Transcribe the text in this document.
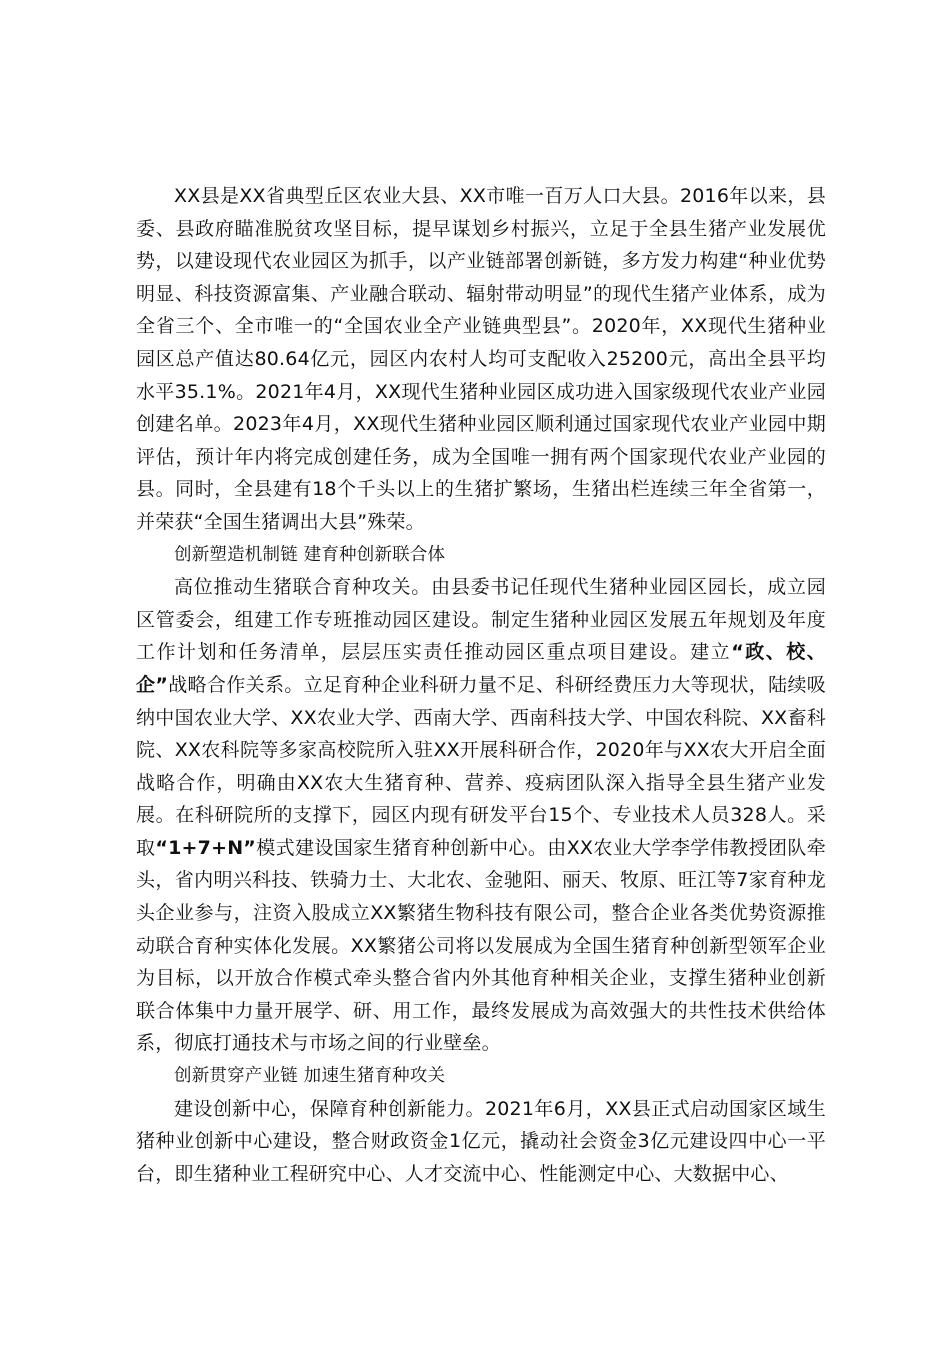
XX县是XX省典型丘区农业大县、XX市唯一百万人口大县。2016年以来，县委、县政府瞄准脱贫攻坚目标，提早谋划乡村振兴，立足于全县生猪产业发展优势，以建设现代农业园区为抓手，以产业链部署创新链，多方发力构建“种业优势明显、科技资源富集、产业融合联动、辐射带动明显”的现代生猪产业体系，成为全省三个、全市唯一的“全国农业全产业链典型县”。2020年，XX现代生猪种业园区总产值达80.64亿元，园区内农村人均可支配收入25200元，高出全县平均水平35.1%。2021年4月，XX现代生猪种业园区成功进入国家级现代农业产业园创建名单。2023年4月，XX现代生猪种业园区顺利通过国家现代农业产业园中期评估，预计年内将完成创建任务，成为全国唯一拥有两个国家现代农业产业园的县。同时，全县建有18个千头以上的生猪扩繁场，生猪出栏连续三年全省第一，并荣获“全国生猪调出大县”殊荣。

创新塑造机制链 建育种创新联合体

高位推动生猪联合育种攻关。由县委书记任现代生猪种业园区园长，成立园区管委会，组建工作专班推动园区建设。制定生猪种业园区发展五年规划及年度工作计划和任务清单，层层压实责任推动园区重点项目建设。建立“政、校、企”战略合作关系。立足育种企业科研力量不足、科研经费压力大等现状，陆续吸纳中国农业大学、XX农业大学、西南大学、西南科技大学、中国农科院、XX畜科院、XX农科院等多家高校院所入驻XX开展科研合作，2020年与XX农大开启全面战略合作，明确由XX农大生猪育种、营养、疫病团队深入指导全县生猪产业发展。在科研院所的支撑下，园区内现有研发平台15个、专业技术人员328人。采取“1+7+N”模式建设国家生猪育种创新中心。由XX农业大学李学伟教授团队牵头，省内明兴科技、铁骑力士、大北农、金驰阳、丽天、牧原、旺江等7家育种龙头企业参与，注资入股成立XX繁猪生物科技有限公司，整合企业各类优势资源推动联合育种实体化发展。XX繁猪公司将以发展成为全国生猪育种创新型领军企业为目标，以开放合作模式牵头整合省内外其他育种相关企业，支撑生猪种业创新联合体集中力量开展学、研、用工作，最终发展成为高效强大的共性技术供给体系，彻底打通技术与市场之间的行业壁垒。

创新贯穿产业链 加速生猪育种攻关

建设创新中心，保障育种创新能力。2021年6月，XX县正式启动国家区域生猪种业创新中心建设，整合财政资金1亿元，撬动社会资金3亿元建设四中心一平台，即生猪种业工程研究中心、人才交流中心、性能测定中心、大数据中心、
